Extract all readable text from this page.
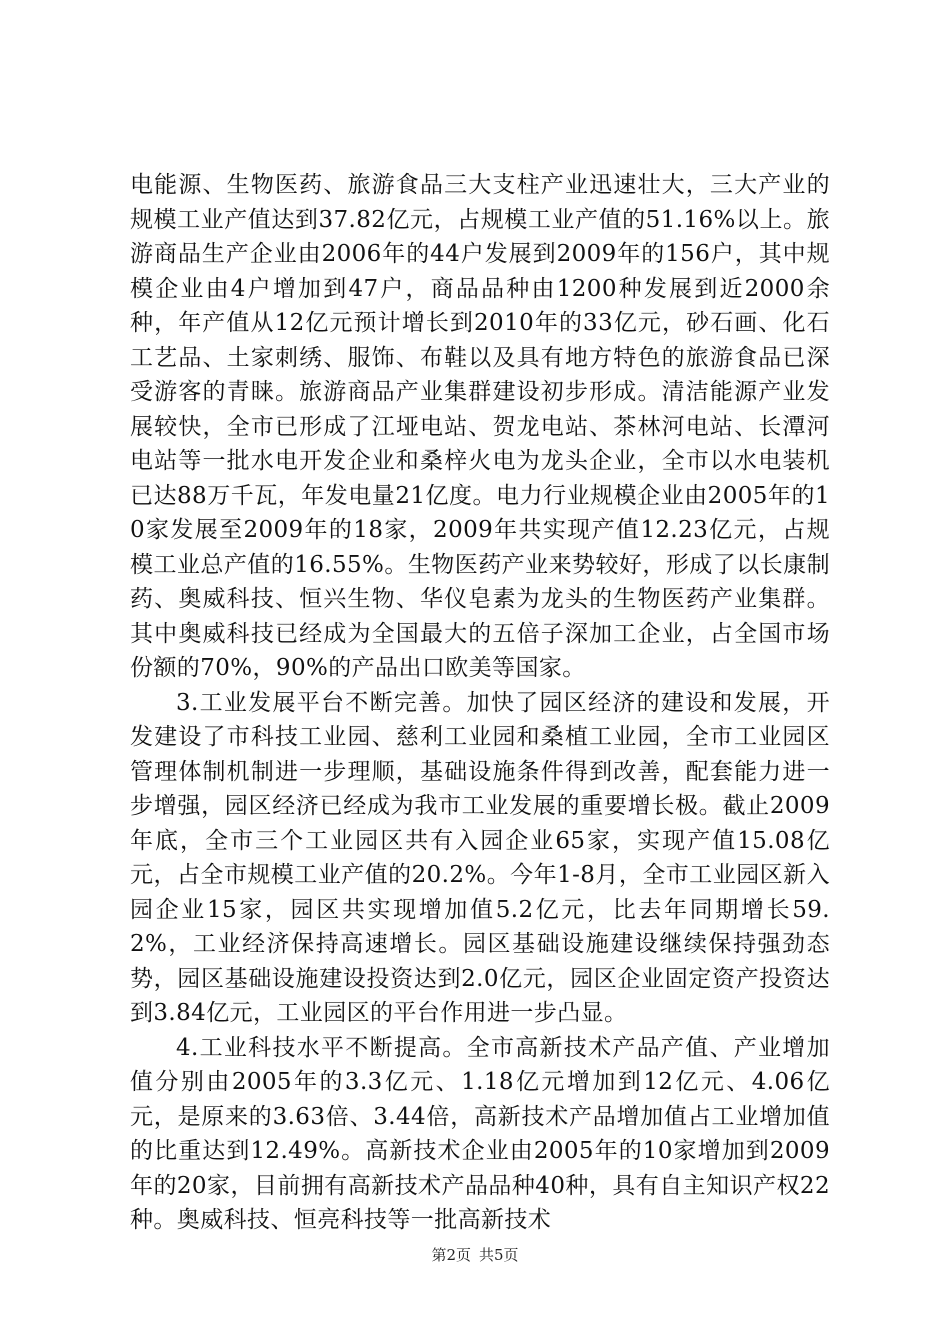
电能源、生物医药、旅游食品三大支柱产业迅速壮大，三大产业的规模工业产值达到37.82亿元，占规模工业产值的51.16%以上。旅游商品生产企业由2006年的44户发展到2009年的156户，其中规模企业由4户增加到47户，商品品种由1200种发展到近2000余种，年产值从12亿元预计增长到2010年的33亿元，砂石画、化石工艺品、土家刺绣、服饰、布鞋以及具有地方特色的旅游食品已深受游客的青睐。旅游商品产业集群建设初步形成。清洁能源产业发展较快，全市已形成了江垭电站、贺龙电站、茶林河电站、长潭河电站等一批水电开发企业和桑梓火电为龙头企业，全市以水电装机已达88万千瓦，年发电量21亿度。电力行业规模企业由2005年的10家发展至2009年的18家，2009年共实现产值12.23亿元，占规模工业总产值的16.55%。生物医药产业来势较好，形成了以长康制药、奥威科技、恒兴生物、华仪皂素为龙头的生物医药产业集群。其中奥威科技已经成为全国最大的五倍子深加工企业，占全国市场份额的70%，90%的产品出口欧美等国家。

3.工业发展平台不断完善。加快了园区经济的建设和发展，开发建设了市科技工业园、慈利工业园和桑植工业园，全市工业园区管理体制机制进一步理顺，基础设施条件得到改善，配套能力进一步增强，园区经济已经成为我市工业发展的重要增长极。截止2009年底，全市三个工业园区共有入园企业65家，实现产值15.08亿元，占全市规模工业产值的20.2%。今年1-8月，全市工业园区新入园企业15家，园区共实现增加值5.2亿元，比去年同期增长59.2%，工业经济保持高速增长。园区基础设施建设继续保持强劲态势，园区基础设施建设投资达到2.0亿元，园区企业固定资产投资达到3.84亿元，工业园区的平台作用进一步凸显。

4.工业科技水平不断提高。全市高新技术产品产值、产业增加值分别由2005年的3.3亿元、1.18亿元增加到12亿元、4.06亿元，是原来的3.63倍、3.44倍，高新技术产品增加值占工业增加值的比重达到12.49%。高新技术企业由2005年的10家增加到2009年的20家，目前拥有高新技术产品品种40种，具有自主知识产权22种。奥威科技、恒亮科技等一批高新技术

第2页 共5页
